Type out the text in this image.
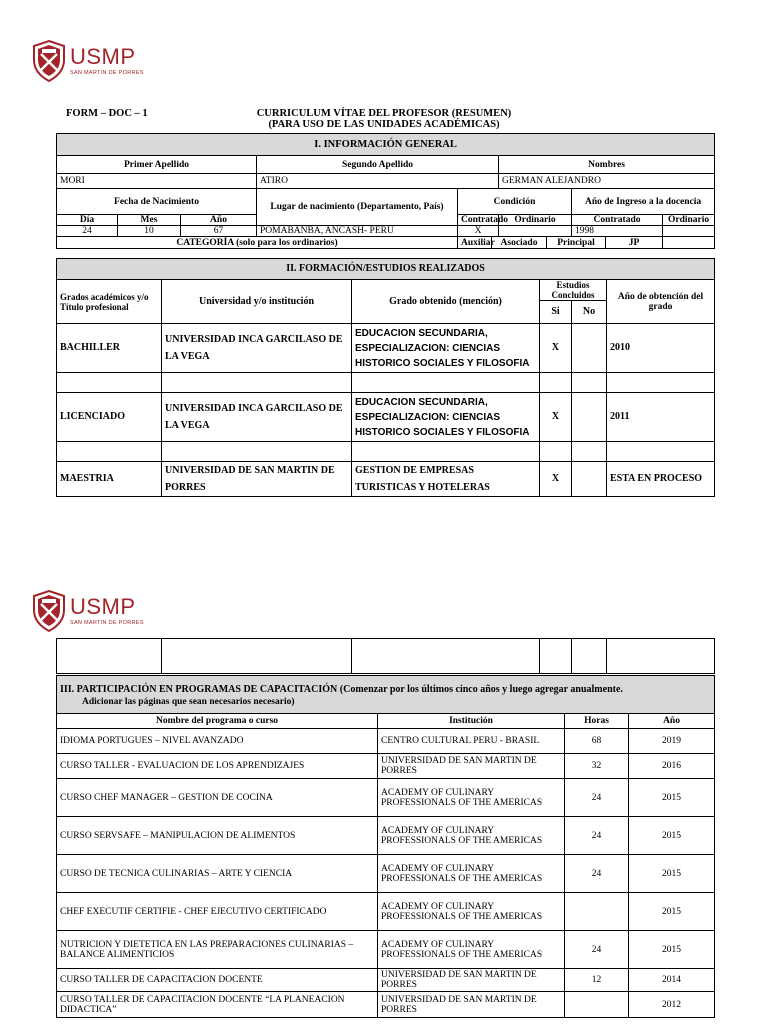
USMP
SAN MARTIN DE PORRES
FORM – DOC – 1	CURRICULUM VÍTAE DEL PROFESOR (RESUMEN)
(PARA USO DE LAS UNIDADES ACADÉMICAS)
I. INFORMACIÓN GENERAL										
Primer Apellido			Segundo Apellido			Nombres				
MORI			ATIRO			GERMAN ALEJANDRO				
Fecha de Nacimiento			Lugar de nacimiento (Departamento, País)	Condición				Año de Ingreso a la docencia		
Día	Mes	Año		Contratado		Ordinario		Contratado		Ordinario
24	10	67	POMABANBA, ANCASH- PERU	X				1998		
CATEGORÍA (solo para los ordinarios)				Auxiliar	Asociado		Principal		JP	
II. FORMACIÓN/ESTUDIOS REALIZADOS					
Grados académicos y/o Título profesional	Universidad y/o institución	Grado obtenido (mención)	Estudios Concluidos		Año de obtención del grado
			Si	No	
BACHILLER	UNIVERSIDAD INCA GARCILASO DE LA VEGA	EDUCACION SECUNDARIA, ESPECIALIZACION: CIENCIAS HISTORICO SOCIALES Y FILOSOFIA	X		2010

LICENCIADO	UNIVERSIDAD INCA GARCILASO DE LA VEGA	EDUCACION SECUNDARIA, ESPECIALIZACION: CIENCIAS HISTORICO SOCIALES Y FILOSOFIA	X		2011

MAESTRIA	UNIVERSIDAD DE SAN MARTIN DE PORRES	GESTION DE EMPRESAS TURISTICAS Y HOTELERAS	X		ESTA EN PROCESO
USMP
SAN MARTIN DE PORRES

III. PARTICIPACIÓN EN PROGRAMAS DE CAPACITACIÓN (Comenzar por los últimos cinco años y luego agregar anualmente.
Adicionar las páginas que sean necesarios necesario)			
Nombre del programa o curso	Institución	Horas	Año
IDIOMA PORTUGUES – NIVEL AVANZADO	CENTRO CULTURAL PERU - BRASIL	68	2019
CURSO TALLER - EVALUACION DE LOS APRENDIZAJES	UNIVERSIDAD DE SAN MARTIN DE PORRES	32	2016
CURSO CHEF MANAGER – GESTION DE COCINA	ACADEMY OF CULINARY PROFESSIONALS OF THE AMERICAS	24	2015
CURSO SERVSAFE – MANIPULACION DE ALIMENTOS	ACADEMY OF CULINARY PROFESSIONALS OF THE AMERICAS	24	2015
CURSO DE TECNICA CULINARIAS – ARTE Y CIENCIA	ACADEMY OF CULINARY PROFESSIONALS OF THE AMERICAS	24	2015
CHEF EXECUTIF CERTIFIE - CHEF EJECUTIVO CERTIFICADO	ACADEMY OF CULINARY PROFESSIONALS OF THE AMERICAS		2015
NUTRICION Y DIETETICA EN LAS PREPARACIONES CULINARIAS – BALANCE ALIMENTICIOS	ACADEMY OF CULINARY PROFESSIONALS OF THE AMERICAS	24	2015
CURSO TALLER DE CAPACITACION DOCENTE	UNIVERSIDAD DE SAN MARTIN DE PORRES	12	2014
CURSO TALLER DE CAPACITACION DOCENTE “LA PLANEACION DIDACTICA”	UNIVERSIDAD DE SAN MARTIN DE PORRES		2012
